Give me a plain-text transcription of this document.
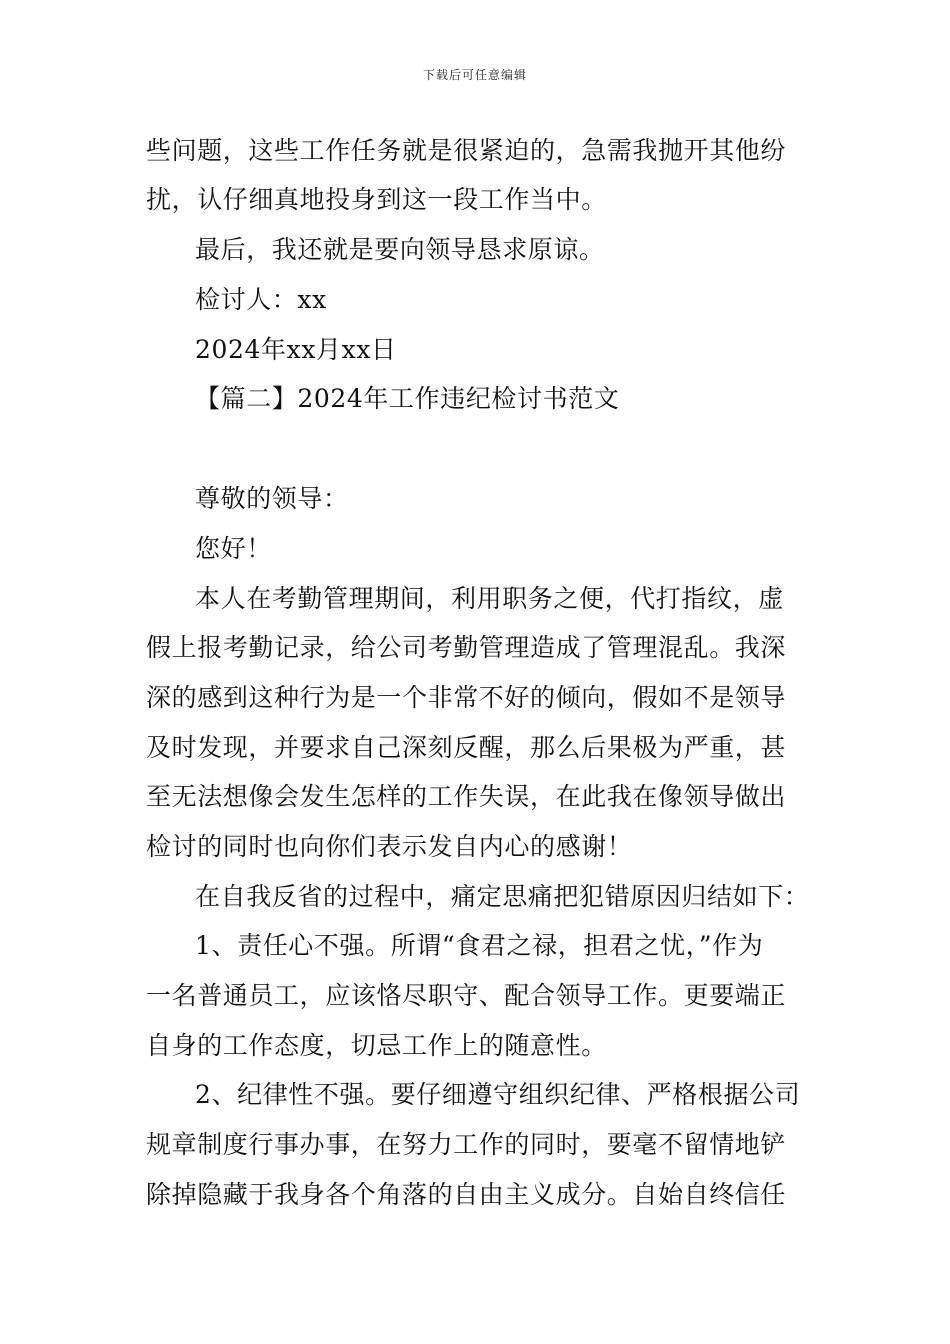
下载后可任意编辑
些问题，这些工作任务就是很紧迫的，急需我抛开其他纷
扰，认仔细真地投身到这一段工作当中。
最后，我还就是要向领导恳求原谅。
检讨人：xx
2024年xx月xx日
【篇二】2024年工作违纪检讨书范文
尊敬的领导：
您好！
本人在考勤管理期间，利用职务之便，代打指纹，虚
假上报考勤记录，给公司考勤管理造成了管理混乱。我深
深的感到这种行为是一个非常不好的倾向，假如不是领导
及时发现，并要求自己深刻反醒，那么后果极为严重，甚
至无法想像会发生怎样的工作失误，在此我在像领导做出
检讨的同时也向你们表示发自内心的感谢！
在自我反省的过程中，痛定思痛把犯错原因归结如下：
1、责任心不强。所谓“食君之禄，担君之忧，”作为
一名普通员工，应该恪尽职守、配合领导工作。更要端正
自身的工作态度，切忌工作上的随意性。
2、纪律性不强。要仔细遵守组织纪律、严格根据公司
规章制度行事办事，在努力工作的同时，要毫不留情地铲
除掉隐藏于我身各个角落的自由主义成分。自始自终信任
